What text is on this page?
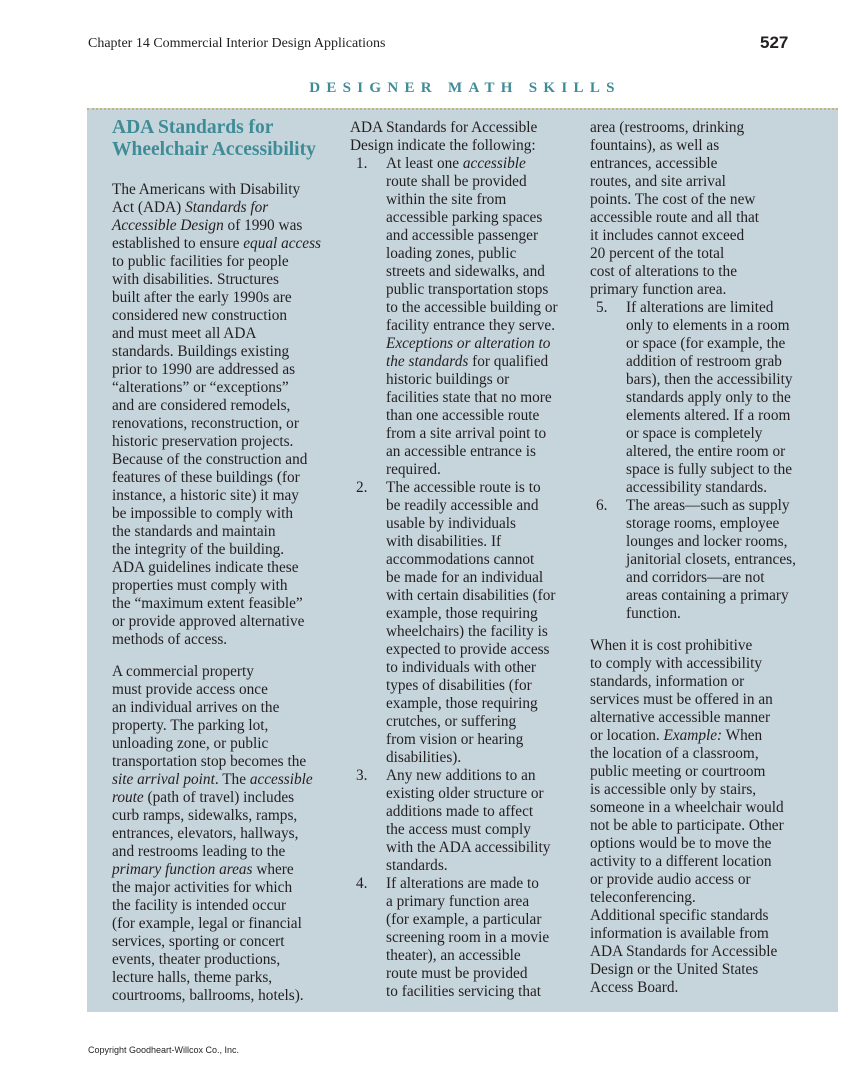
Chapter 14 Commercial Interior Design Applications	527
DESIGNER MATH SKILLS
ADA Standards for
Wheelchair Accessibility
The Americans with Disability
Act (ADA) Standards for
Accessible Design of 1990 was
established to ensure equal access
to public facilities for people
with disabilities. Structures
built after the early 1990s are
considered new construction
and must meet all ADA
standards. Buildings existing
prior to 1990 are addressed as
“alterations” or “exceptions”
and are considered remodels,
renovations, reconstruction, or
historic preservation projects.
Because of the construction and
features of these buildings (for
instance, a historic site) it may
be impossible to comply with
the standards and maintain
the integrity of the building.
ADA guidelines indicate these
properties must comply with
the “maximum extent feasible”
or provide approved alternative
methods of access.
A commercial property
must provide access once
an individual arrives on the
property. The parking lot,
unloading zone, or public
transportation stop becomes the
site arrival point. The accessible
route (path of travel) includes
curb ramps, sidewalks, ramps,
entrances, elevators, hallways,
and restrooms leading to the
primary function areas where
the major activities for which
the facility is intended occur
(for example, legal or financial
services, sporting or concert
events, theater productions,
lecture halls, theme parks,
courtrooms, ballrooms, hotels).
ADA Standards for Accessible
Design indicate the following:
1. At least one accessible
route shall be provided
within the site from
accessible parking spaces
and accessible passenger
loading zones, public
streets and sidewalks, and
public transportation stops
to the accessible building or
facility entrance they serve.
Exceptions or alteration to
the standards for qualified
historic buildings or
facilities state that no more
than one accessible route
from a site arrival point to
an accessible entrance is
required.
2. The accessible route is to
be readily accessible and
usable by individuals
with disabilities. If
accommodations cannot
be made for an individual
with certain disabilities (for
example, those requiring
wheelchairs) the facility is
expected to provide access
to individuals with other
types of disabilities (for
example, those requiring
crutches, or suffering
from vision or hearing
disabilities).
3. Any new additions to an
existing older structure or
additions made to affect
the access must comply
with the ADA accessibility
standards.
4. If alterations are made to
a primary function area
(for example, a particular
screening room in a movie
theater), an accessible
route must be provided
to facilities servicing that
area (restrooms, drinking
fountains), as well as
entrances, accessible
routes, and site arrival
points. The cost of the new
accessible route and all that
it includes cannot exceed
20 percent of the total
cost of alterations to the
primary function area.
5. If alterations are limited
only to elements in a room
or space (for example, the
addition of restroom grab
bars), then the accessibility
standards apply only to the
elements altered. If a room
or space is completely
altered, the entire room or
space is fully subject to the
accessibility standards.
6. The areas—such as supply
storage rooms, employee
lounges and locker rooms,
janitorial closets, entrances,
and corridors—are not
areas containing a primary
function.
When it is cost prohibitive
to comply with accessibility
standards, information or
services must be offered in an
alternative accessible manner
or location. Example: When
the location of a classroom,
public meeting or courtroom
is accessible only by stairs,
someone in a wheelchair would
not be able to participate. Other
options would be to move the
activity to a different location
or provide audio access or
teleconferencing.
Additional specific standards
information is available from
ADA Standards for Accessible
Design or the United States
Access Board.
Copyright Goodheart-Willcox Co., Inc.
